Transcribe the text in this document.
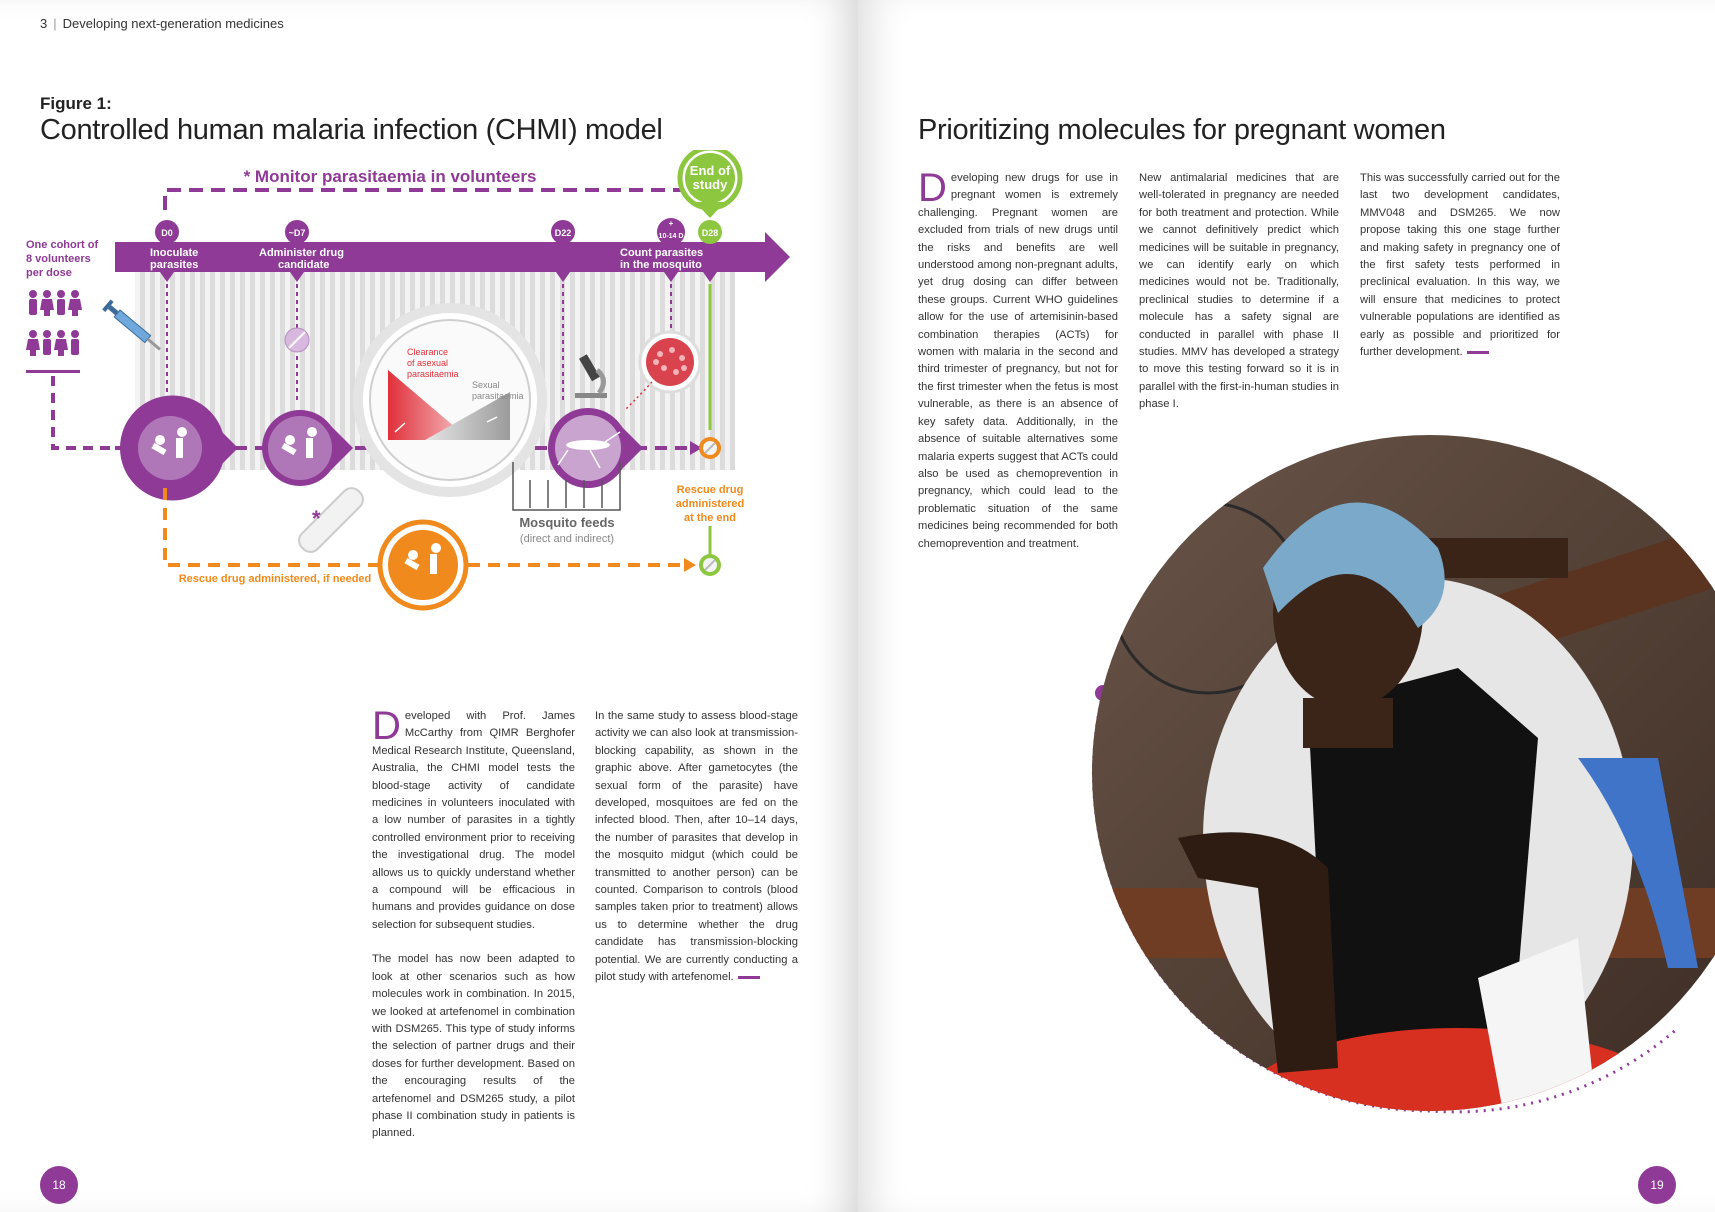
3 | Developing next-generation medicines
Figure 1:
Controlled human malaria infection (CHMI) model
* Monitor parasitaemia in volunteers	End of
study
One cohort of
8 volunteers
per dose
D0	~D7	D22
+
10-14 D D28
Inoculate
parasites
Administer drug
candidate
Count parasites
in the mosquito
Clearance
of asexual
parasitaemia
Sexual
parasitaemia
*	Mosquito feeds
(direct and indirect)
Rescue drug
administered
at the end
Rescue drug administered, if needed

Developed with Prof. James McCarthy from QIMR Berghofer Medical Research Institute, Queensland, Australia, the CHMI model tests the blood-stage activity of candidate medicines in volunteers inoculated with a low number of parasites in a tightly controlled environment prior to receiving the investigational drug. The model allows us to quickly understand whether a compound will be efficacious in humans and provides guidance on dose selection for subsequent studies.

The model has now been adapted to look at other scenarios such as how molecules work in combination. In 2015, we looked at artefenomel in combination with DSM265. This type of study informs the selection of partner drugs and their doses for further development. Based on the encouraging results of the artefenomel and DSM265 study, a pilot phase II combination study in patients is planned.

In the same study to assess blood-stage activity we can also look at transmission-blocking capability, as shown in the graphic above. After gametocytes (the sexual form of the parasite) have developed, mosquitoes are fed on the infected blood. Then, after 10–14 days, the number of parasites that develop in the mosquito midgut (which could be transmitted to another person) can be counted. Comparison to controls (blood samples taken prior to treatment) allows us to determine whether the drug candidate has transmission-blocking potential. We are currently conducting a pilot study with artefenomel.

18
Prioritizing molecules for pregnant women

Developing new drugs for use in pregnant women is extremely challenging. Pregnant women are excluded from trials of new drugs until the risks and benefits are well understood among non-pregnant adults, yet drug dosing can differ between these groups. Current WHO guidelines allow for the use of artemisinin-based combination therapies (ACTs) for women with malaria in the second and third trimester of pregnancy, but not for the first trimester when the fetus is most vulnerable, as there is an absence of key safety data. Additionally, in the absence of suitable alternatives some malaria experts suggest that ACTs could also be used as chemoprevention in pregnancy, which could lead to the problematic situation of the same medicines being recommended for both chemoprevention and treatment.

New antimalarial medicines that are well-tolerated in pregnancy are needed for both treatment and protection. While we cannot definitively predict which medicines will be suitable in pregnancy, we can identify early on which medicines would not be. Traditionally, preclinical studies to determine if a molecule has a safety signal are conducted in parallel with phase II studies. MMV has developed a strategy to move this testing forward so it is in parallel with the first-in-human studies in phase I.

This was successfully carried out for the last two development candidates, MMV048 and DSM265. We now propose taking this one stage further and making safety in pregnancy one of the first safety tests performed in preclinical evaluation. In this way, we will ensure that medicines to protect vulnerable populations are identified as early as possible and prioritized for further development.

19
